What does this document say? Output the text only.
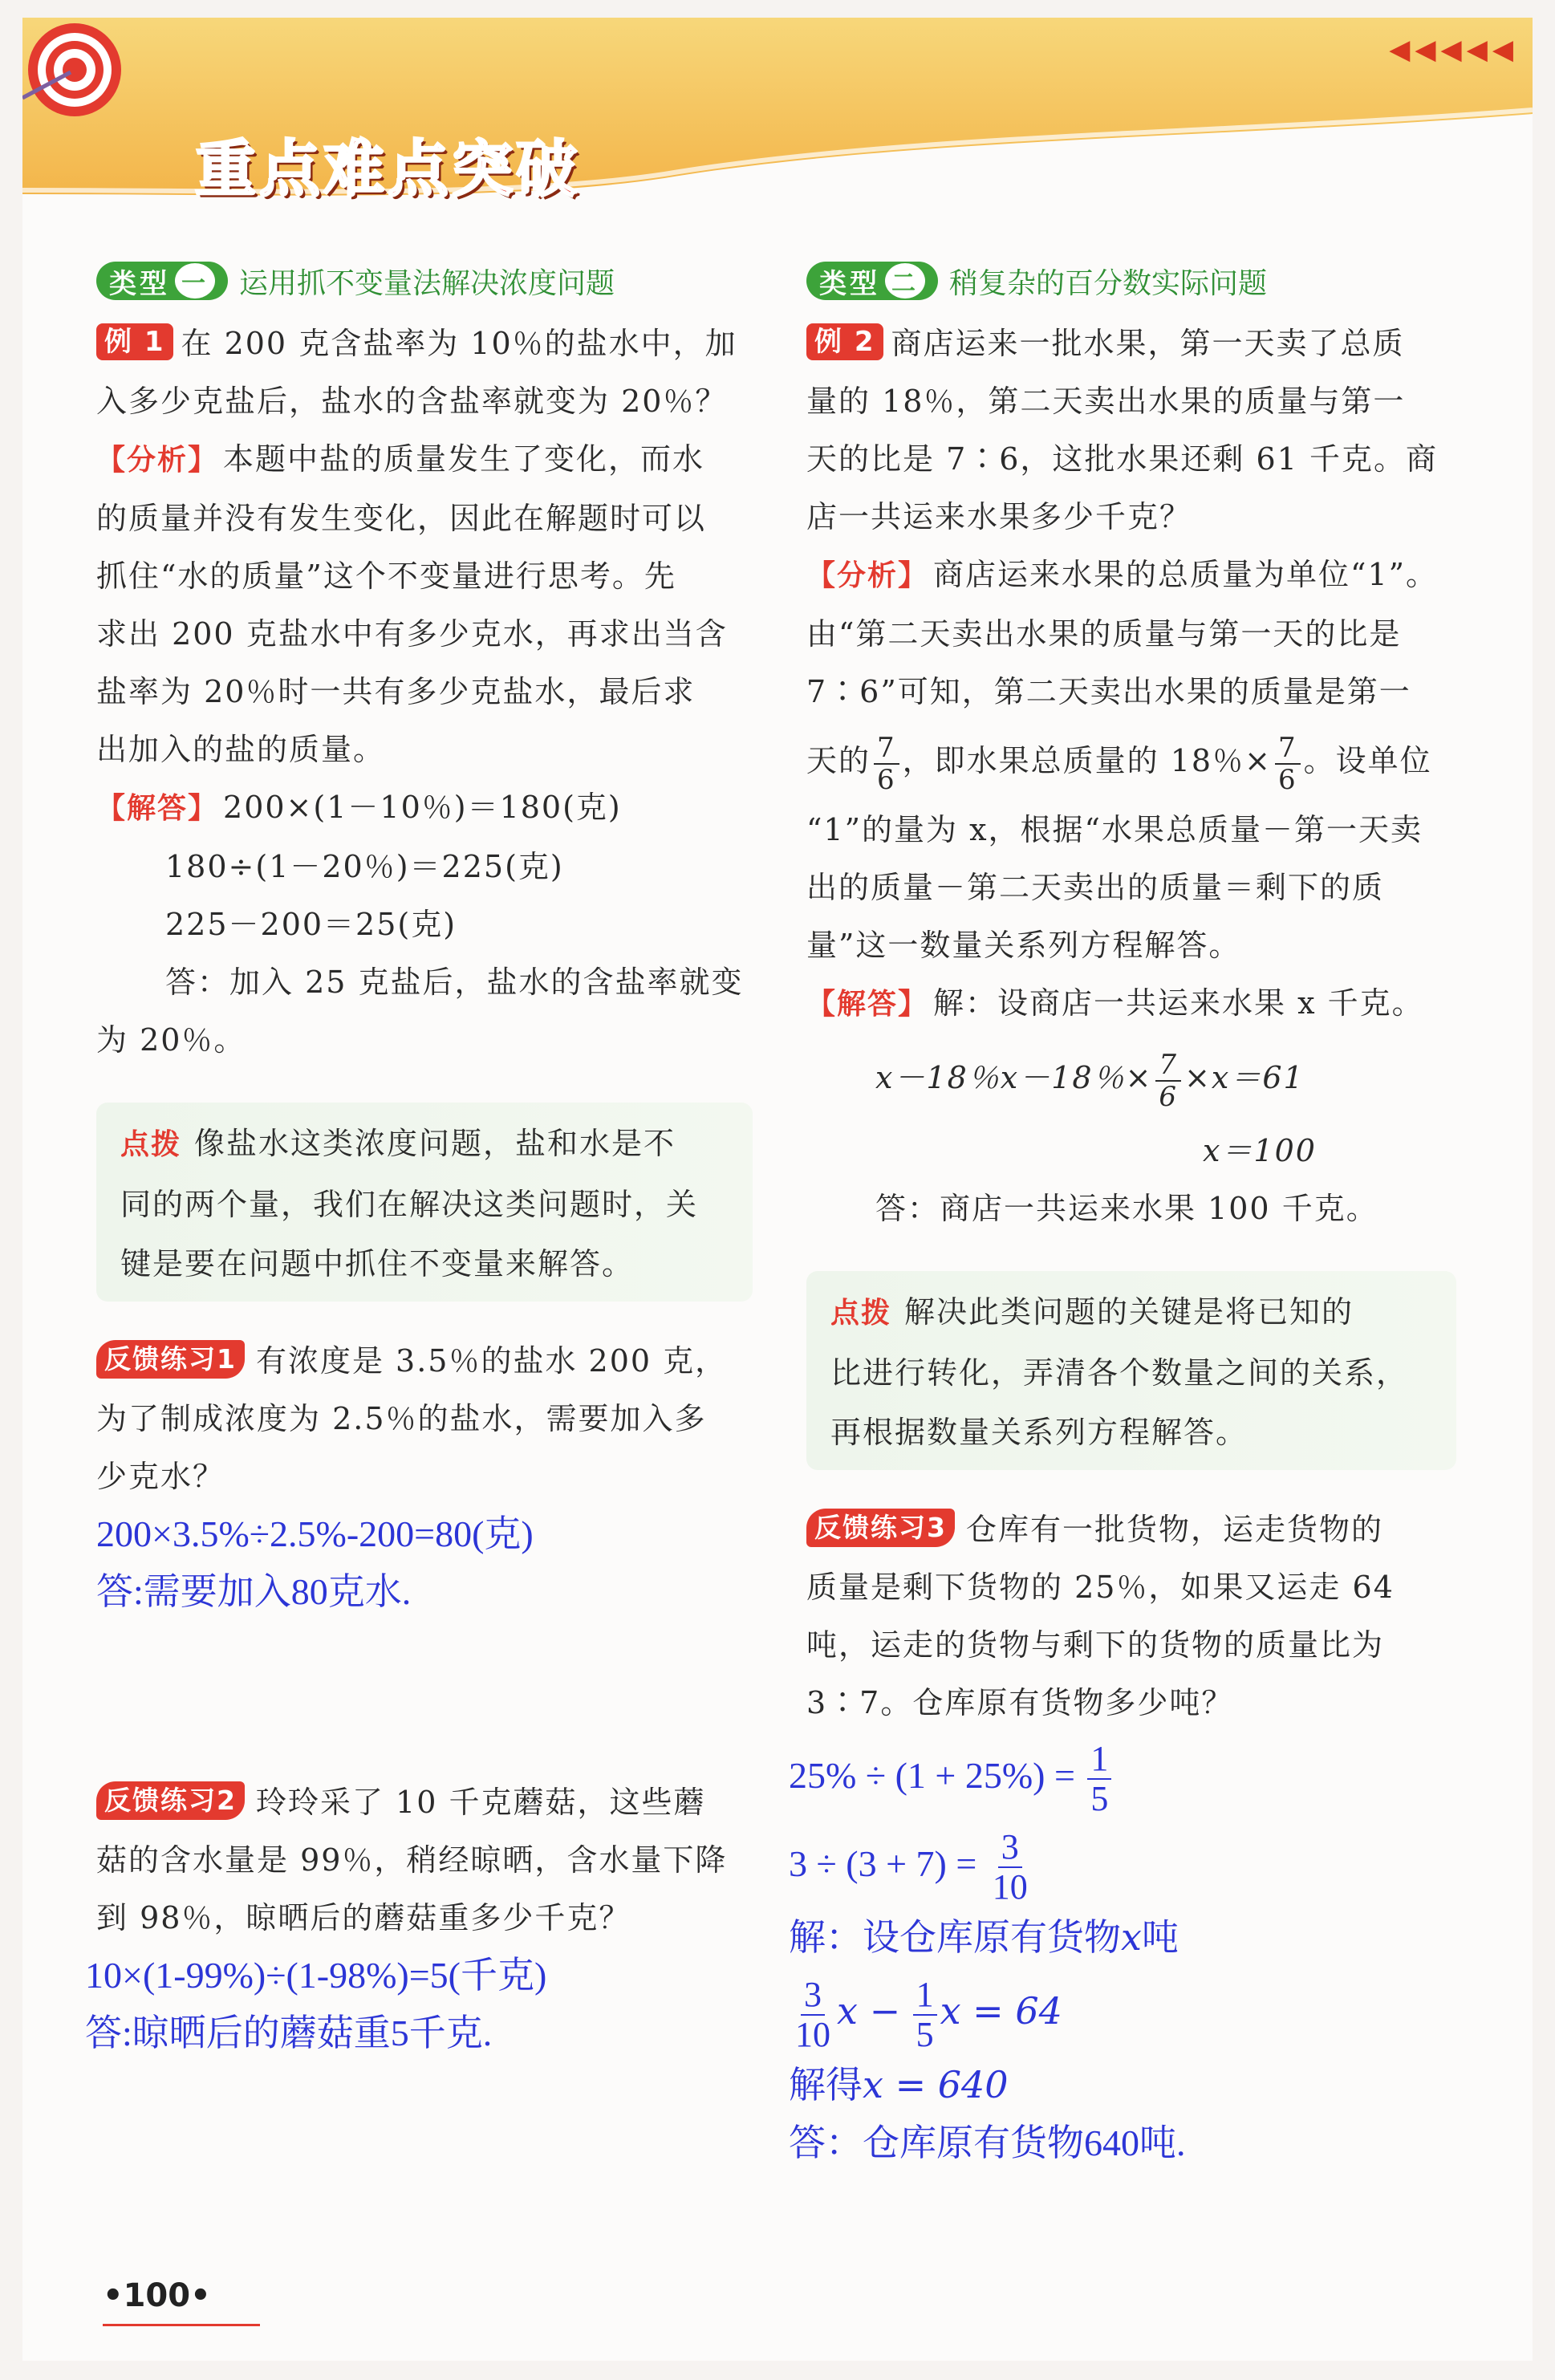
◀◀◀◀◀
重点难点突破
类型 一 运用抓不变量法解决浓度问题
例 1 在 200 克含盐率为 10％的盐水中，加
入多少克盐后，盐水的含盐率就变为 20％？
【分析】 本题中盐的质量发生了变化，而水
的质量并没有发生变化，因此在解题时可以
抓住“水的质量”这个不变量进行思考。先
求出 200 克盐水中有多少克水，再求出当含
盐率为 20％时一共有多少克盐水，最后求
出加入的盐的质量。
【解答】 200×(1－10％)＝180(克)

180÷(1－20％)＝225(克)
225－200＝25(克)
答：加入 25 克盐后，盐水的含盐率就变
为 20％。
点拨 像盐水这类浓度问题，盐和水是不
同的两个量，我们在解决这类问题时，关
键是要在问题中抓住不变量来解答。
反馈练习1 有浓度是 3.5％的盐水 200 克，
为了制成浓度为 2.5％的盐水，需要加入多
少克水？
200×3.5%÷2.5%-200=80(克)
答:需要加入80克水.
反馈练习2 玲玲采了 10 千克蘑菇，这些蘑
菇的含水量是 99％，稍经晾晒，含水量下降
到 98％，晾晒后的蘑菇重多少千克？
10×(1-99%)÷(1-98%)=5(千克)
答:晾晒后的蘑菇重5千克.
类型 二 稍复杂的百分数实际问题
例 2 商店运来一批水果，第一天卖了总质
量的 18％，第二天卖出水果的质量与第一
天的比是 7∶6，这批水果还剩 61 千克。商
店一共运来水果多少千克？
【分析】 商店运来水果的总质量为单位“1”。
由“第二天卖出水果的质量与第一天的比是
7∶6”可知，第二天卖出水果的质量是第一

天的 $\frac{7}{6}$ ，即水果总质量的 18％× $\frac{7}{6}$ 。设单位
“1”的量为 x，根据“水果总质量－第一天卖
出的质量－第二天卖出的质量＝剩下的质
量”这一数量关系列方程解答。
【解答】 解：设商店一共运来水果 x 千克。
x－18％x－18％× $\frac{7}{6} \times x=61$
x＝100
答：商店一共运来水果 100 千克。
点拨 解决此类问题的关键是将已知的
比进行转化，弄清各个数量之间的关系，
再根据数量关系列方程解答。
反馈练习3 仓库有一批货物，运走货物的
质量是剩下货物的 25％，如果又运走 64
吨，运走的货物与剩下的货物的质量比为
3∶7。仓库原有货物多少吨？
$25\% \div (1 + 25\%) = \frac{1}{5}$
$3 \div (3 + 7) = \frac{3}{10}$
解：设仓库原有货物x吨
$\frac{3}{10}$ $x - \frac{1}{5}$ x = 64
解得x = 640
答：仓库原有货物640吨.
•100•
